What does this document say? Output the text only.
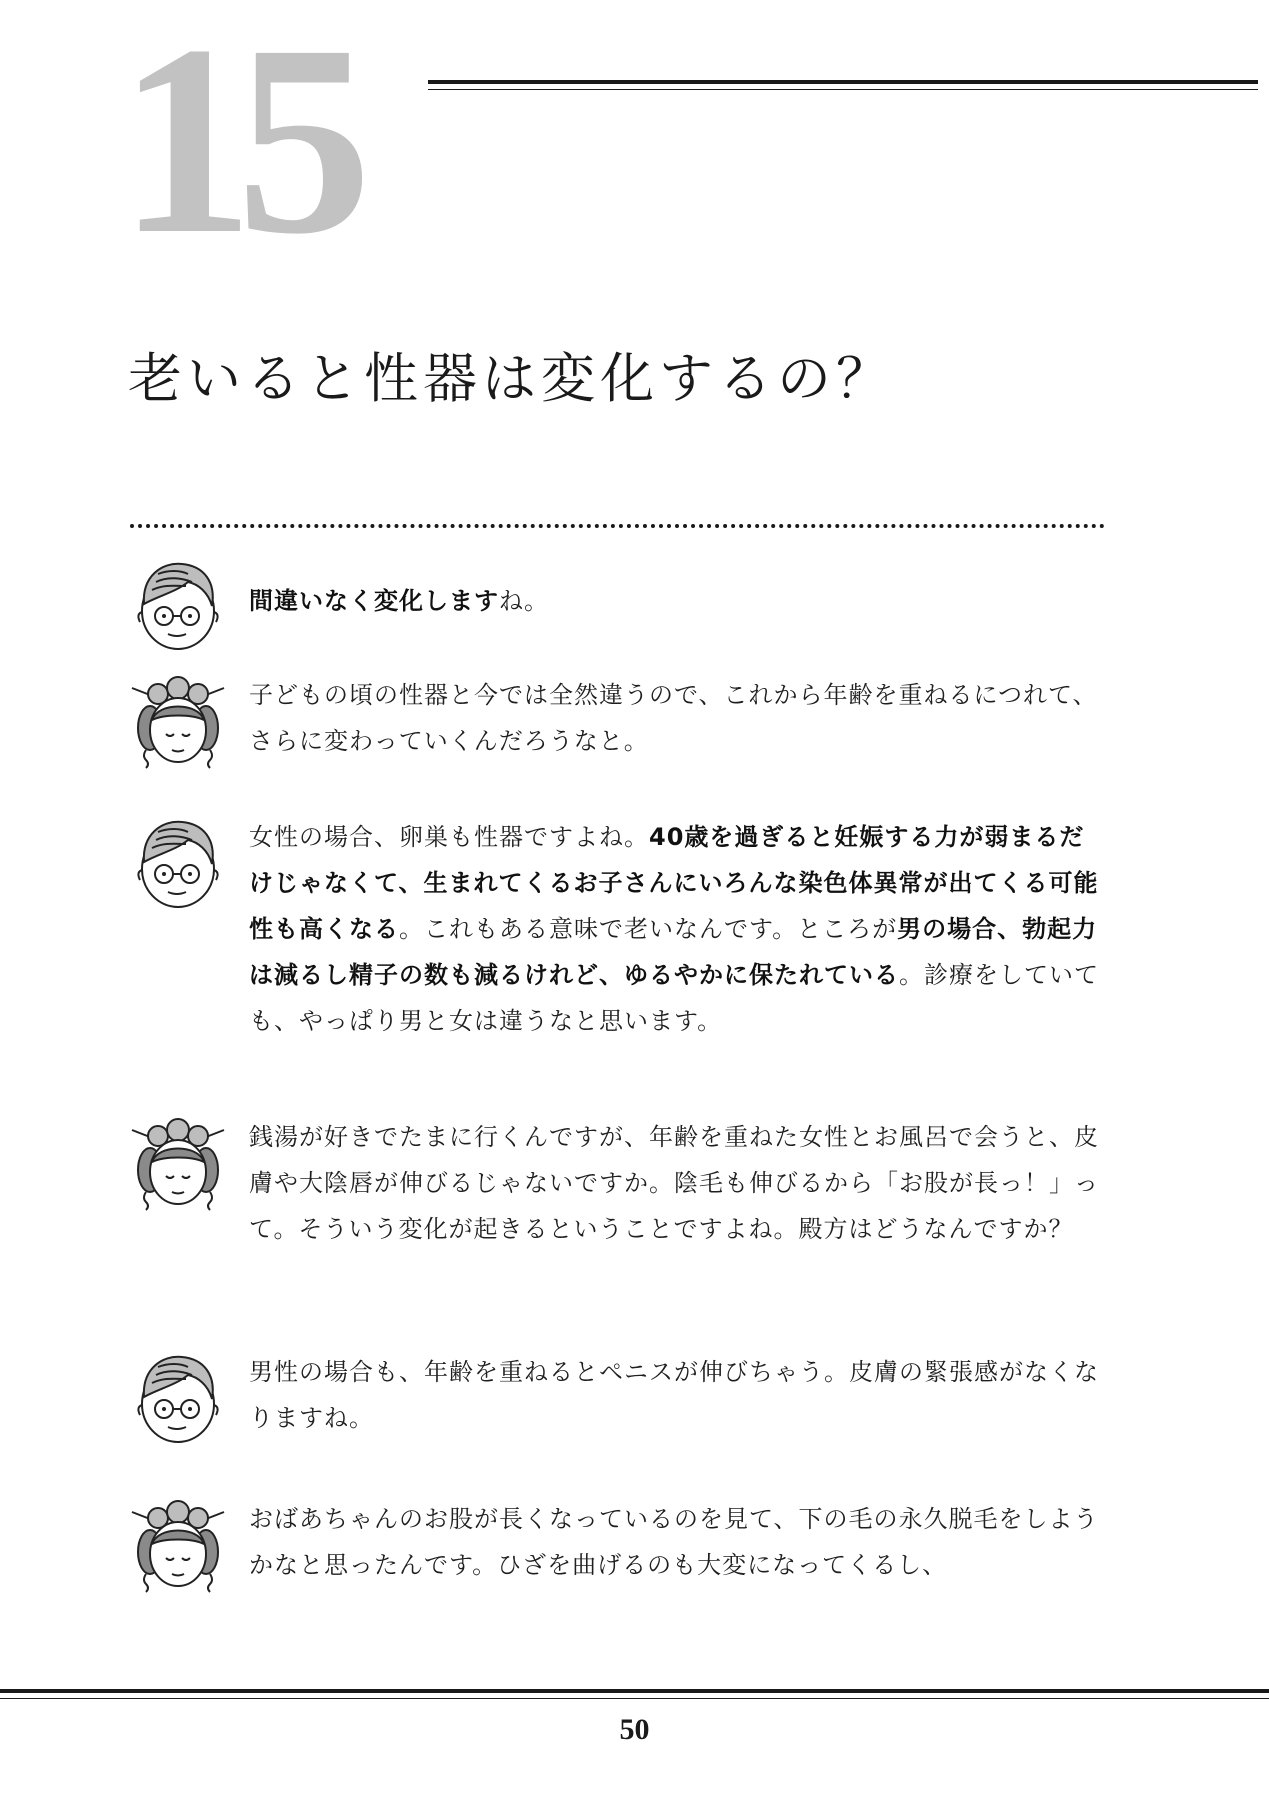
15
老いると性器は変化するの？
間違いなく変化しますね。
子どもの頃の性器と今では全然違うので、これから年齢を重ねるにつれて、さらに変わっていくんだろうなと。
女性の場合、卵巣も性器ですよね。40歳を過ぎると妊娠する力が弱まるだけじゃなくて、生まれてくるお子さんにいろんな染色体異常が出てくる可能性も高くなる。これもある意味で老いなんです。ところが男の場合、勃起力は減るし精子の数も減るけれど、ゆるやかに保たれている。診療をしていても、やっぱり男と女は違うなと思います。
銭湯が好きでたまに行くんですが、年齢を重ねた女性とお風呂で会うと、皮膚や大陰唇が伸びるじゃないですか。陰毛も伸びるから「お股が長っ！」って。そういう変化が起きるということですよね。殿方はどうなんですか？
男性の場合も、年齢を重ねるとペニスが伸びちゃう。皮膚の緊張感がなくなりますね。
おばあちゃんのお股が長くなっているのを見て、下の毛の永久脱毛をしようかなと思ったんです。ひざを曲げるのも大変になってくるし、
50
